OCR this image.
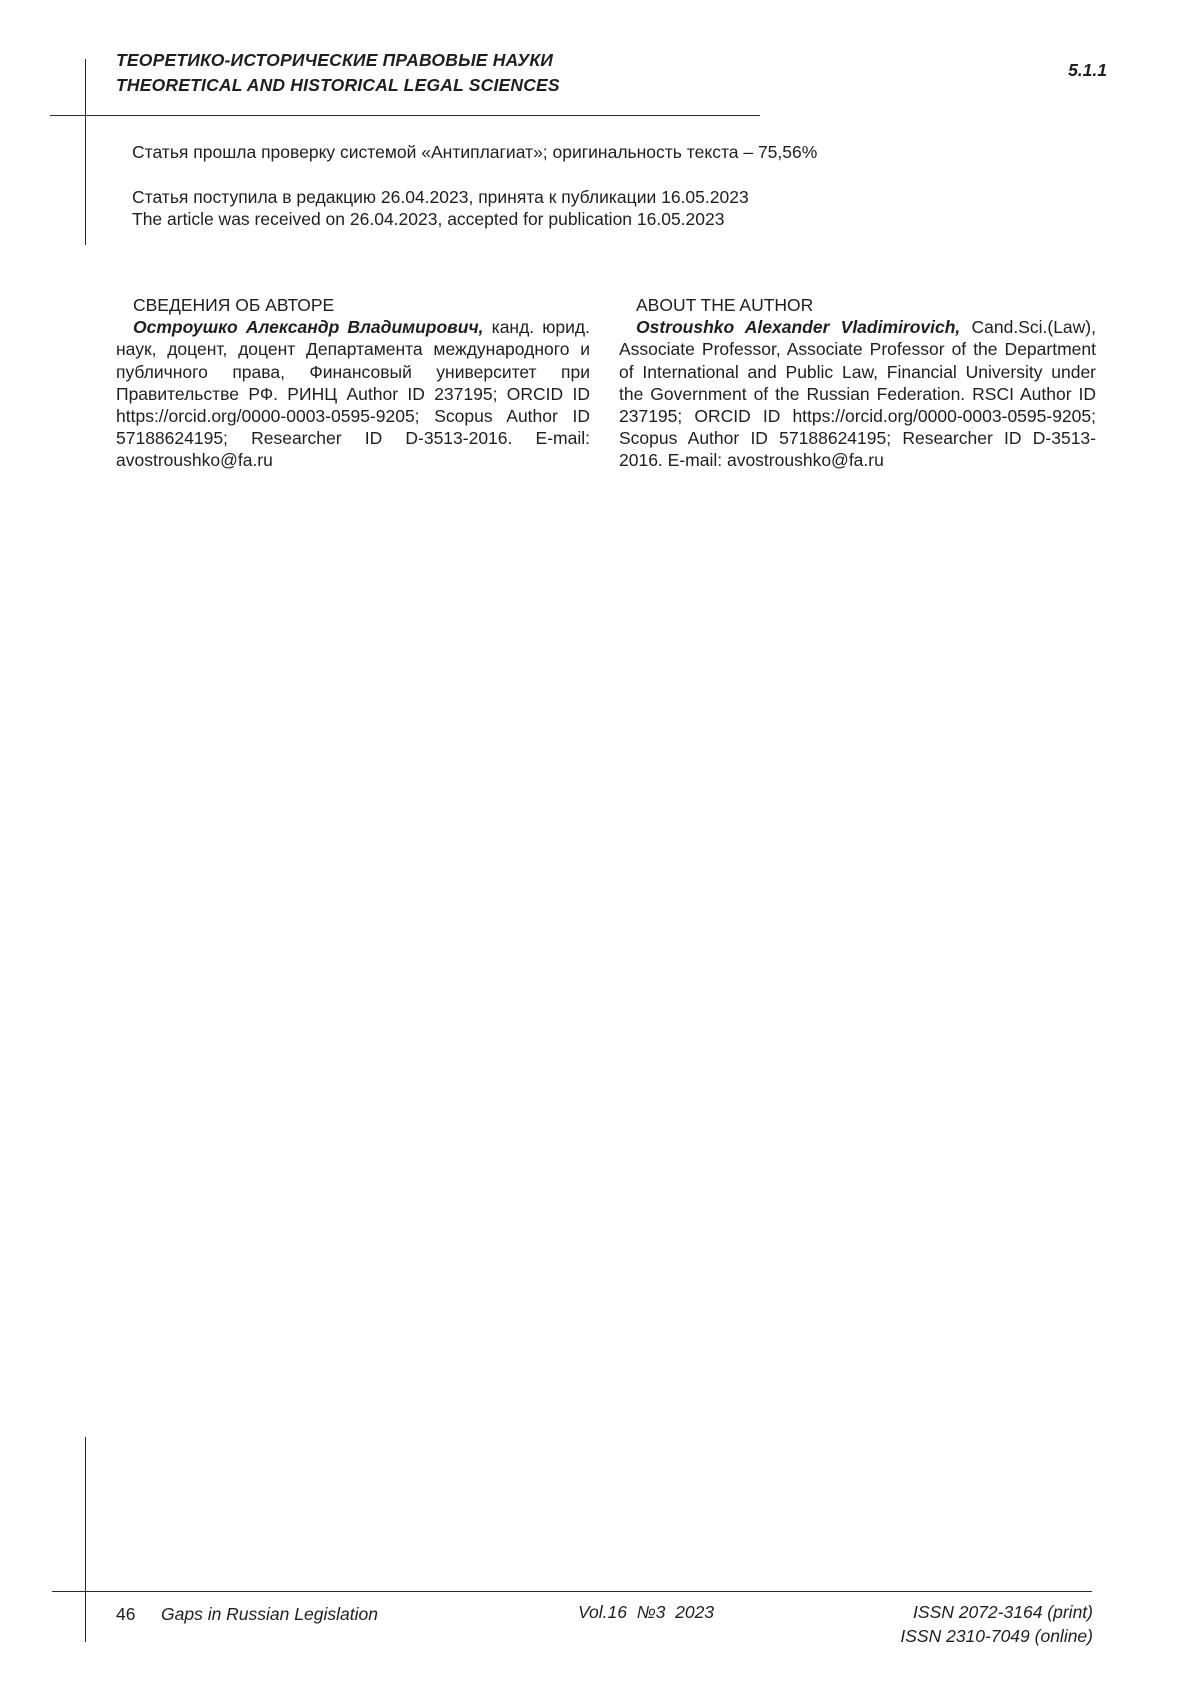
ТЕОРЕТИКО-ИСТОРИЧЕСКИЕ ПРАВОВЫЕ НАУКИ
THEORETICAL AND HISTORICAL LEGAL SCIENCES
5.1.1
Статья прошла проверку системой «Антиплагиат»; оригинальность текста – 75,56%
Статья поступила в редакцию 26.04.2023, принята к публикации 16.05.2023
The article was received on 26.04.2023, accepted for publication 16.05.2023
СВЕДЕНИЯ ОБ АВТОРЕ
Остроушко Александр Владимирович, канд. юрид. наук, доцент, доцент Департамента международного и публичного права, Финансовый университет при Правительстве РФ. РИНЦ Author ID 237195; ORCID ID https://orcid.org/0000-0003-0595-9205; Scopus Author ID 57188624195; Researcher ID D-3513-2016. E-mail: avostroushko@fa.ru
ABOUT THE AUTHOR
Ostroushko Alexander Vladimirovich, Cand.Sci.(Law), Associate Professor, Associate Professor of the Department of International and Public Law, Financial University under the Government of the Russian Federation. RSCI Author ID 237195; ORCID ID https://orcid.org/0000-0003-0595-9205; Scopus Author ID 57188624195; Researcher ID D-3513-2016. E-mail: avostroushko@fa.ru
46 Gaps in Russian Legislation	Vol.16  №3  2023	ISSN 2072-3164 (print)
ISSN 2310-7049 (online)
